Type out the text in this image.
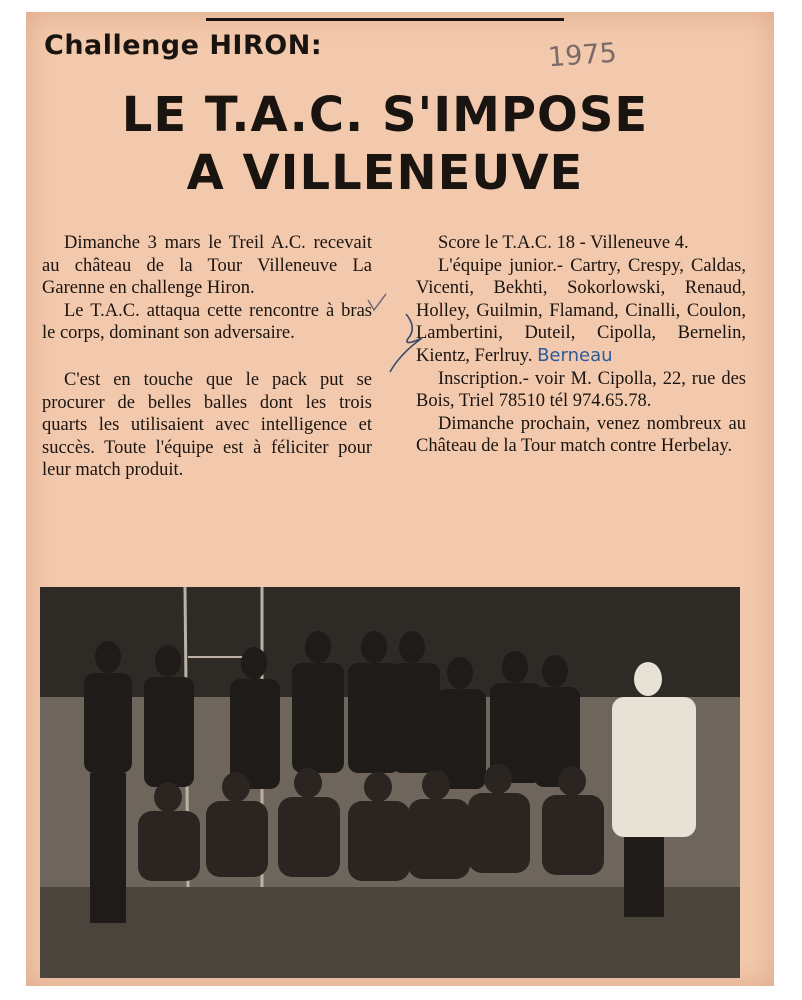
Challenge HIRON:	1975
LE T.A.C. S'IMPOSE
A VILLENEUVE

Dimanche 3 mars le Treil A.C. recevait au château de la Tour Villeneuve La Garenne en challenge Hiron.

Le T.A.C. attaqua cette rencontre à bras le corps, dominant son adversaire.

C'est en touche que le pack put se procurer de belles balles dont les trois quarts les utilisaient avec intelligence et succès. Toute l'équipe est à féliciter pour leur match produit.

Score le T.A.C. 18 - Villeneuve 4.

L'équipe junior.- Cartry, Crespy, Caldas, Vicenti, Bekhti, Sokorlowski, Renaud, Holley, Guilmin, Flamand, Cinalli, Coulon, Lambertini, Duteil, Cipolla, Bernelin, Kientz, Ferlruy. Berneau

Inscription.- voir M. Cipolla, 22, rue des Bois, Triel 78510 tél 974.65.78.

Dimanche prochain, venez nombreux au Château de la Tour match contre Herbelay.
